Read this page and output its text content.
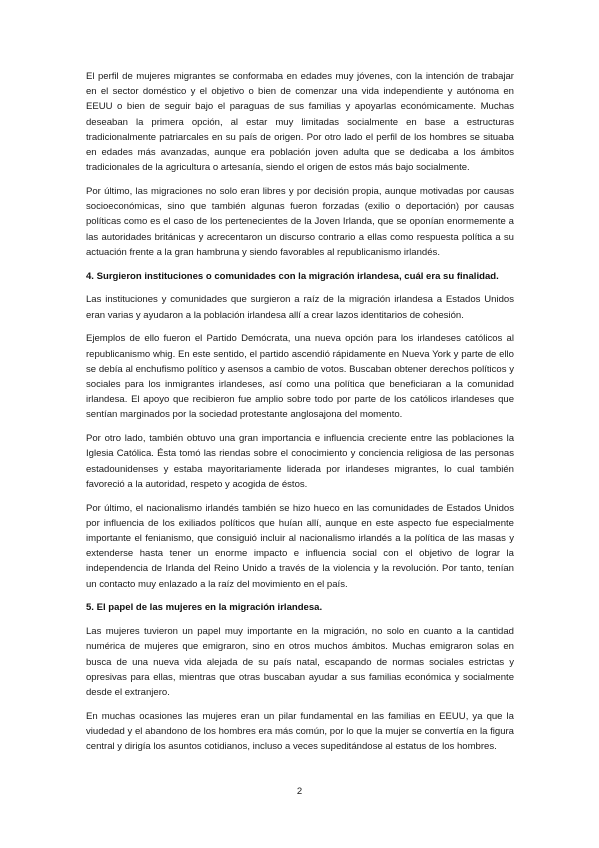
El perfil de mujeres migrantes se conformaba en edades muy jóvenes, con la intención de trabajar en el sector doméstico y el objetivo o bien de comenzar una vida independiente y autónoma en EEUU o bien de seguir bajo el paraguas de sus familias y apoyarlas económicamente. Muchas deseaban la primera opción, al estar muy limitadas socialmente en base a estructuras tradicionalmente patriarcales en su país de origen. Por otro lado el perfil de los hombres se situaba en edades más avanzadas, aunque era población joven adulta que se dedicaba a los ámbitos tradicionales de la agricultura o artesanía, siendo el origen de estos más bajo socialmente.

Por último, las migraciones no solo eran libres y por decisión propia, aunque motivadas por causas socioeconómicas, sino que también algunas fueron forzadas (exilio o deportación) por causas políticas como es el caso de los pertenecientes de la Joven Irlanda, que se oponían enormemente a las autoridades británicas y acrecentaron un discurso contrario a ellas como respuesta política a su actuación frente a la gran hambruna y siendo favorables al republicanismo irlandés.

4. Surgieron instituciones o comunidades con la migración irlandesa, cuál era su finalidad.

Las instituciones y comunidades que surgieron a raíz de la migración irlandesa a Estados Unidos eran varias y ayudaron a la población irlandesa allí a crear lazos identitarios de cohesión.

Ejemplos de ello fueron el Partido Demócrata, una nueva opción para los irlandeses católicos al republicanismo whig. En este sentido, el partido ascendió rápidamente en Nueva York y parte de ello se debía al enchufismo político y asensos a cambio de votos. Buscaban obtener derechos políticos y sociales para los inmigrantes irlandeses, así como una política que beneficiaran a la comunidad irlandesa. El apoyo que recibieron fue amplio sobre todo por parte de los católicos irlandeses que sentían marginados por la sociedad protestante anglosajona del momento.

Por otro lado, también obtuvo una gran importancia e influencia creciente entre las poblaciones la Iglesia Católica. Ésta tomó las riendas sobre el conocimiento y conciencia religiosa de las personas estadounidenses y estaba mayoritariamente liderada por irlandeses migrantes, lo cual también favoreció a la autoridad, respeto y acogida de éstos.

Por último, el nacionalismo irlandés también se hizo hueco en las comunidades de Estados Unidos por influencia de los exiliados políticos que huían allí, aunque en este aspecto fue especialmente importante el fenianismo, que consiguió incluir al nacionalismo irlandés a la política de las masas y extenderse hasta tener un enorme impacto e influencia social con el objetivo de lograr la independencia de Irlanda del Reino Unido a través de la violencia y la revolución. Por tanto, tenían un contacto muy enlazado a la raíz del movimiento en el país.

5. El papel de las mujeres en la migración irlandesa.

Las mujeres tuvieron un papel muy importante en la migración, no solo en cuanto a la cantidad numérica de mujeres que emigraron, sino en otros muchos ámbitos. Muchas emigraron solas en busca de una nueva vida alejada de su país natal, escapando de normas sociales estrictas y opresivas para ellas, mientras que otras buscaban ayudar a sus familias económica y socialmente desde el extranjero.

En muchas ocasiones las mujeres eran un pilar fundamental en las familias en EEUU, ya que la viudedad y el abandono de los hombres era más común, por lo que la mujer se convertía en la figura central y dirigía los asuntos cotidianos, incluso a veces supeditándose al estatus de los hombres.

2
